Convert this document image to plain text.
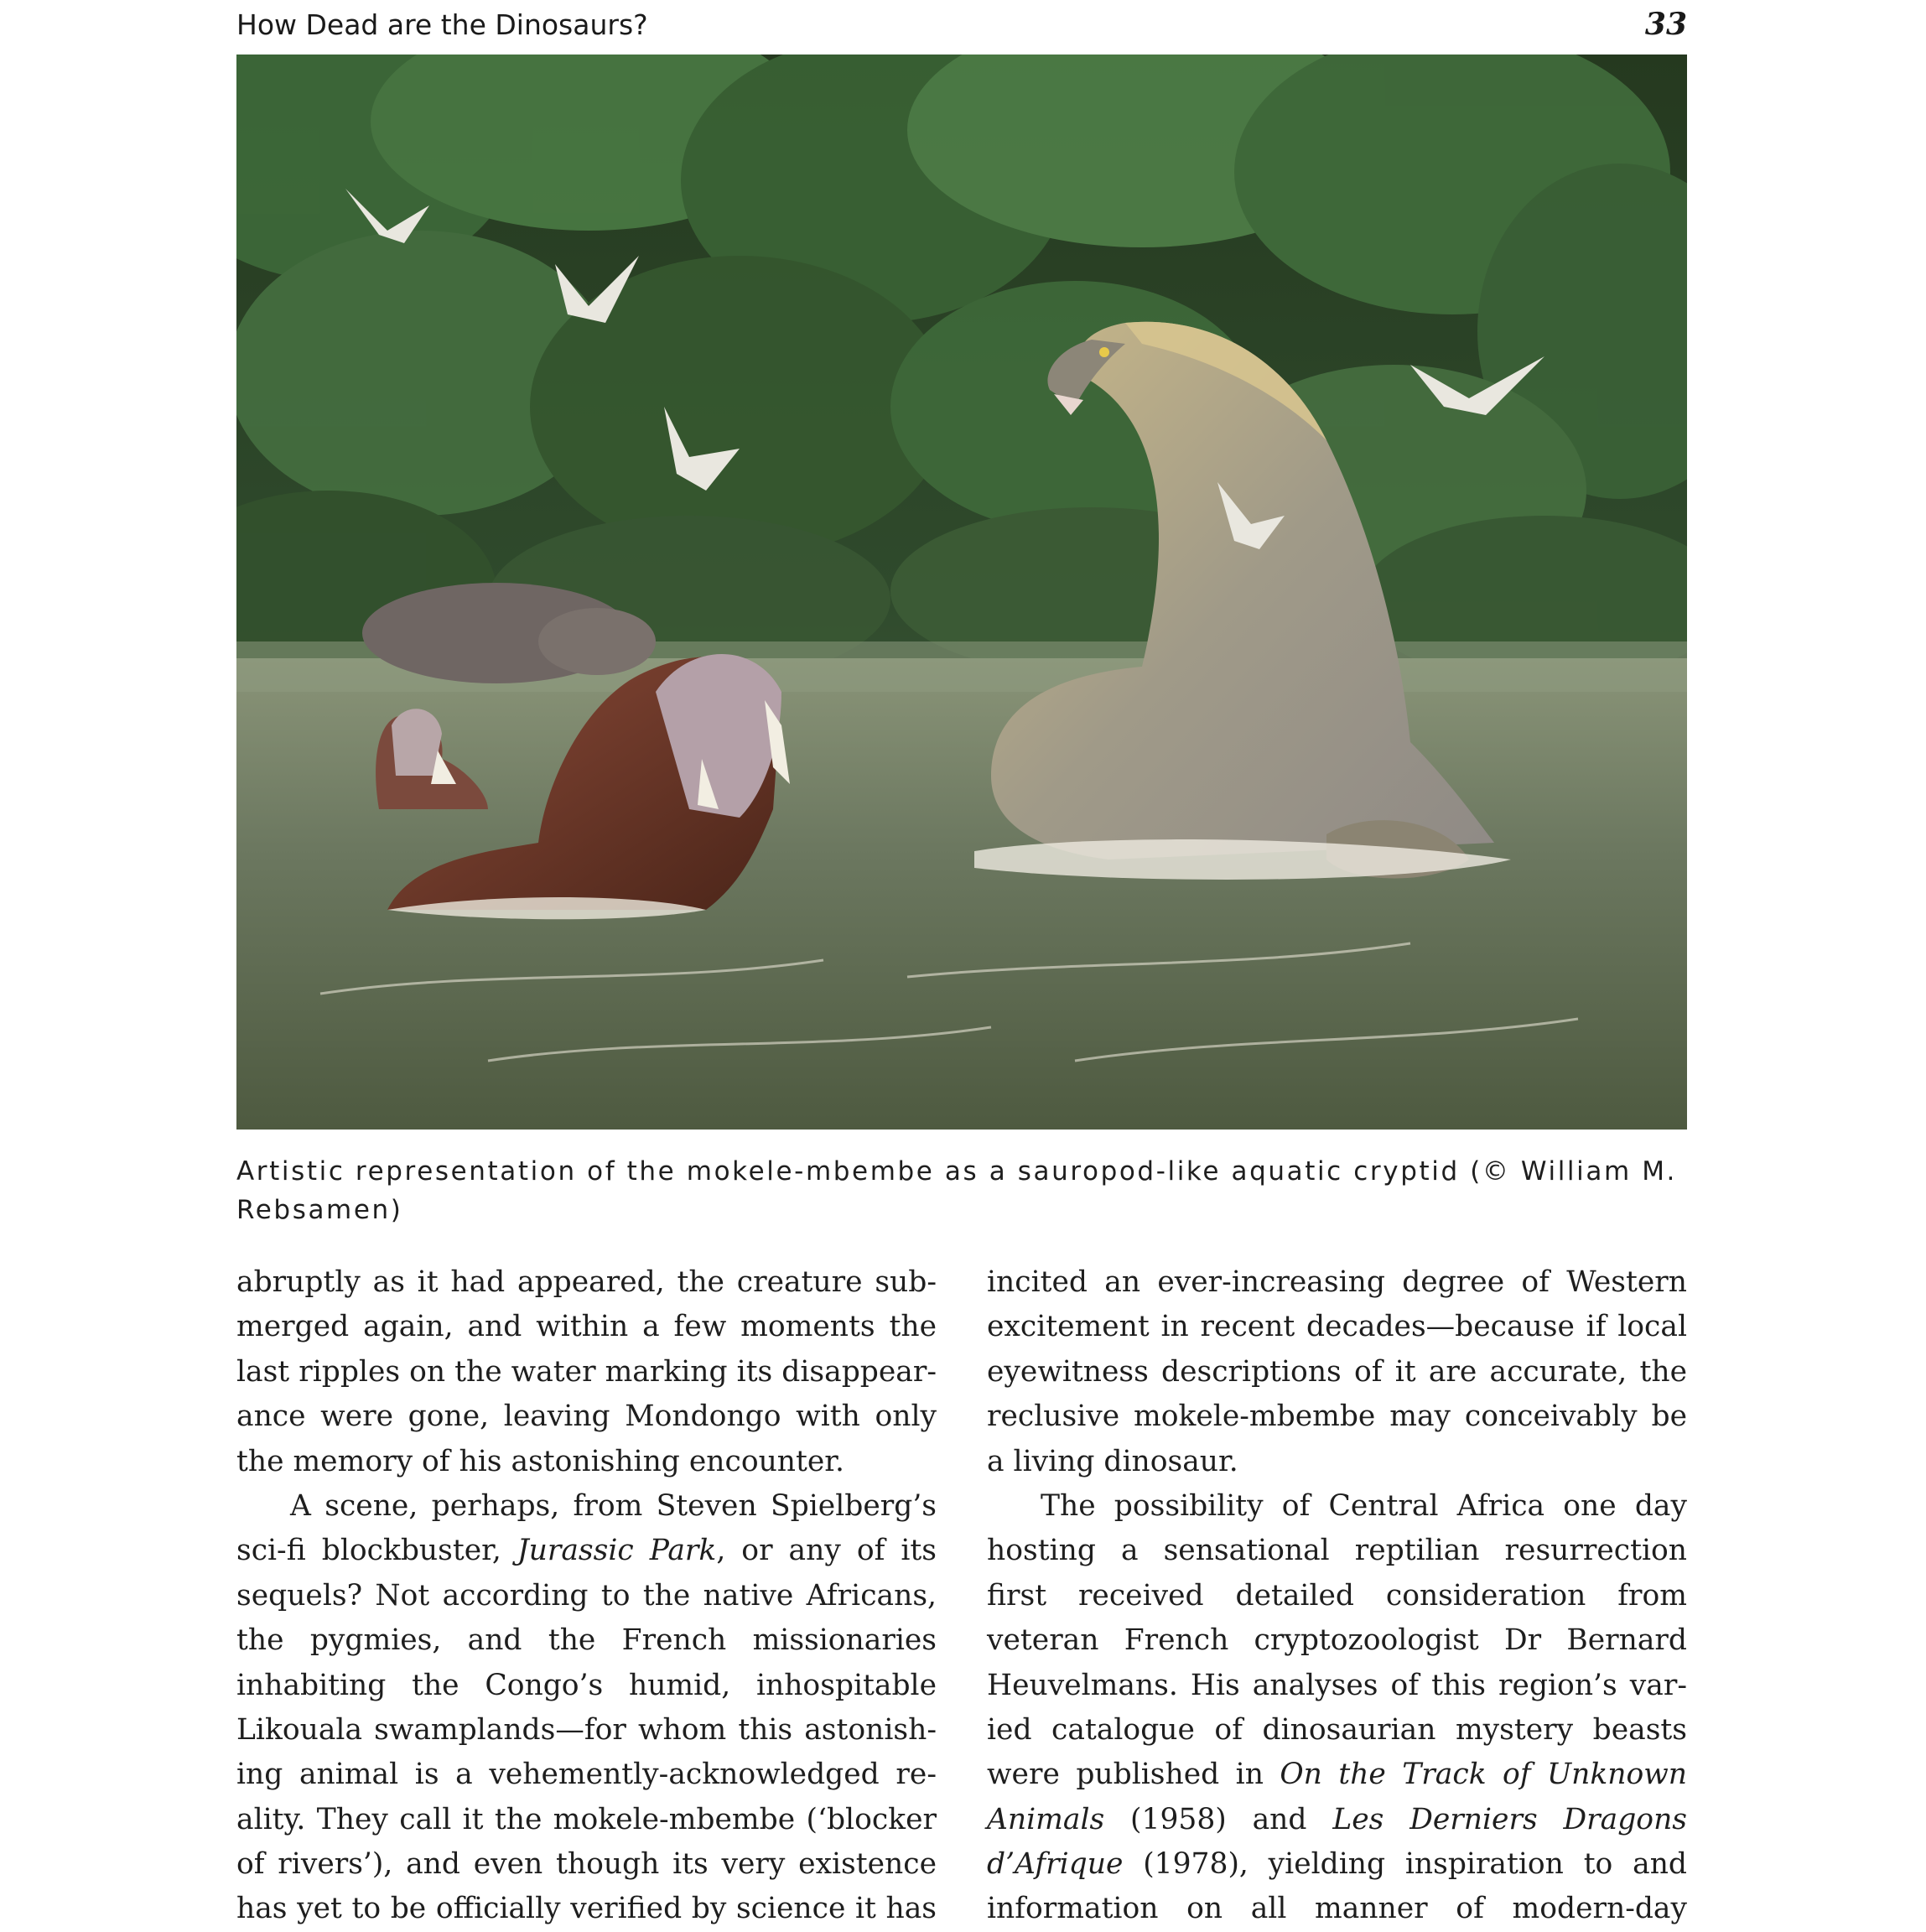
How Dead are the Dinosaurs?	33
Artistic representation of the mokele-mbembe as a sauropod-like aquatic cryptid (© William M.
Rebsamen)
abruptly as it had appeared, the creature sub-
merged again, and within a few moments the
last ripples on the water marking its disappear-
ance were gone, leaving Mondongo with only
the memory of his astonishing encounter.
A scene, perhaps, from Steven Spielberg’s
sci-fi blockbuster, Jurassic Park, or any of its
sequels? Not according to the native Africans,
the pygmies, and the French missionaries
inhabiting the Congo’s humid, inhospitable
Likouala swamplands—for whom this astonish-
ing animal is a vehemently-acknowledged re-
ality. They call it the mokele-mbembe (‘blocker
of rivers’), and even though its very existence
has yet to be officially verified by science it has
incited an ever-increasing degree of Western
excitement in recent decades—because if local
eyewitness descriptions of it are accurate, the
reclusive mokele-mbembe may conceivably be
a living dinosaur.
The possibility of Central Africa one day
hosting a sensational reptilian resurrection
first received detailed consideration from
veteran French cryptozoologist Dr Bernard
Heuvelmans. His analyses of this region’s var-
ied catalogue of dinosaurian mystery beasts
were published in On the Track of Unknown
Animals (1958) and Les Derniers Dragons
d’Afrique (1978), yielding inspiration to and
information on all manner of modern-day
